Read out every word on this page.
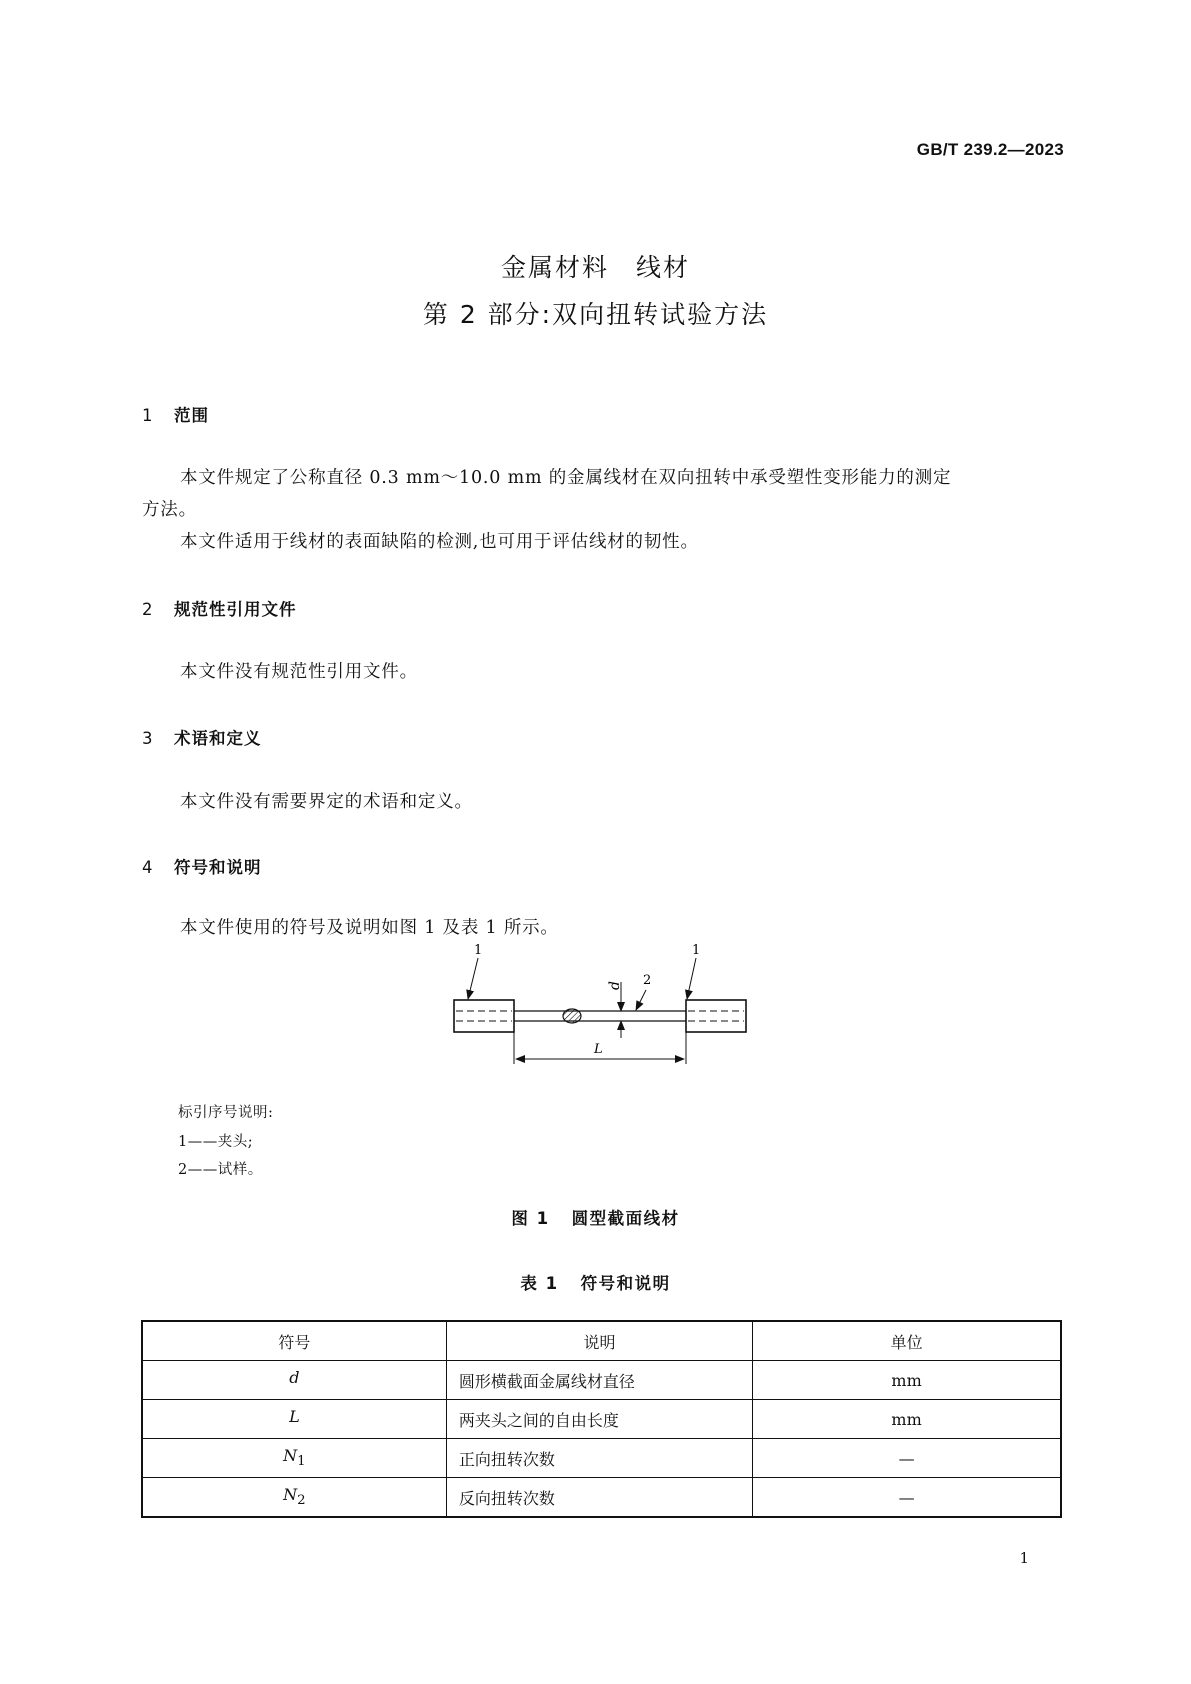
GB/T 239.2—2023
金属材料　线材
第 2 部分:双向扭转试验方法
1 范围
本文件规定了公称直径 0.3 mm～10.0 mm 的金属线材在双向扭转中承受塑性变形能力的测定
方法。
本文件适用于线材的表面缺陷的检测,也可用于评估线材的韧性。
2 规范性引用文件
本文件没有规范性引用文件。
3 术语和定义
本文件没有需要界定的术语和定义。
4 符号和说明
本文件使用的符号及说明如图 1 及表 1 所示。
d 2
1	1
L
标引序号说明:
1——夹头;
2——试样。
图 1 圆型截面线材
表 1 符号和说明
符号	说明	单位
d	圆形横截面金属线材直径	mm
L	两夹头之间的自由长度	mm
$N_1$	正向扭转次数	—
$N_2$	反向扭转次数	—
1
